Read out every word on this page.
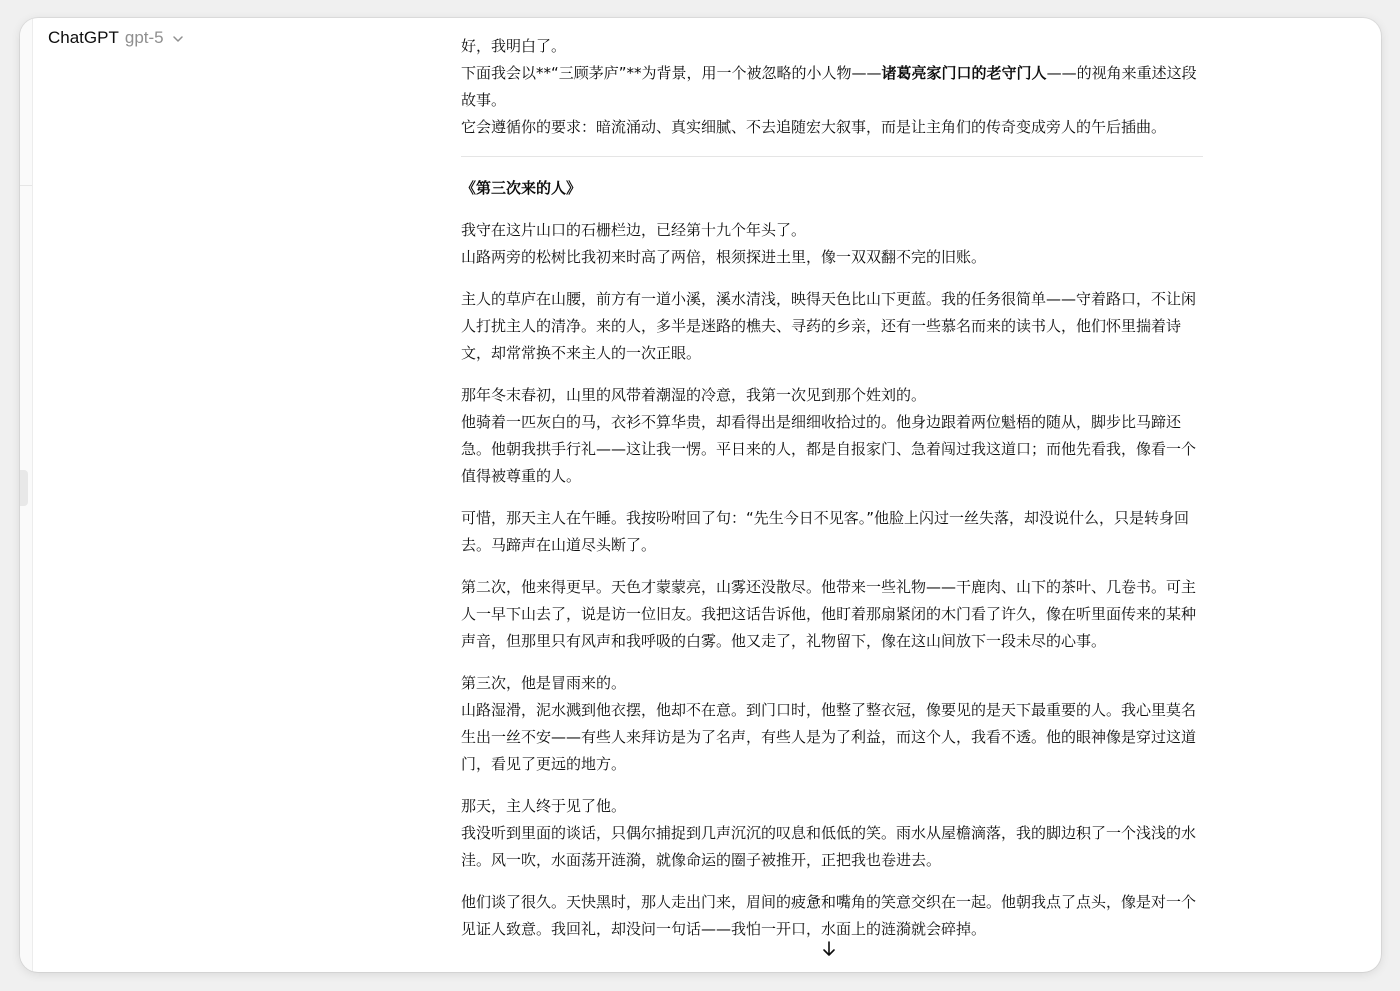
ChatGPT gpt-5	好，我明白了。
下面我会以**“三顾茅庐”**为背景，用一个被忽略的小人物——诸葛亮家门口的老守门人——的视角来重述这段故事。
它会遵循你的要求：暗流涌动、真实细腻、不去追随宏大叙事，而是让主角们的传奇变成旁人的午后插曲。

《第三次来的人》

我守在这片山口的石栅栏边，已经第十九个年头了。
山路两旁的松树比我初来时高了两倍，根须探进土里，像一双双翻不完的旧账。

主人的草庐在山腰，前方有一道小溪，溪水清浅，映得天色比山下更蓝。我的任务很简单——守着路口，不让闲人打扰主人的清净。来的人，多半是迷路的樵夫、寻药的乡亲，还有一些慕名而来的读书人，他们怀里揣着诗文，却常常换不来主人的一次正眼。

那年冬末春初，山里的风带着潮湿的冷意，我第一次见到那个姓刘的。
他骑着一匹灰白的马，衣衫不算华贵，却看得出是细细收拾过的。他身边跟着两位魁梧的随从，脚步比马蹄还急。他朝我拱手行礼——这让我一愣。平日来的人，都是自报家门、急着闯过我这道口；而他先看我，像看一个值得被尊重的人。

可惜，那天主人在午睡。我按吩咐回了句：“先生今日不见客。”他脸上闪过一丝失落，却没说什么，只是转身回去。马蹄声在山道尽头断了。

第二次，他来得更早。天色才蒙蒙亮，山雾还没散尽。他带来一些礼物——干鹿肉、山下的茶叶、几卷书。可主人一早下山去了，说是访一位旧友。我把这话告诉他，他盯着那扇紧闭的木门看了许久，像在听里面传来的某种声音，但那里只有风声和我呼吸的白雾。他又走了，礼物留下，像在这山间放下一段未尽的心事。

第三次，他是冒雨来的。
山路湿滑，泥水溅到他衣摆，他却不在意。到门口时，他整了整衣冠，像要见的是天下最重要的人。我心里莫名生出一丝不安——有些人来拜访是为了名声，有些人是为了利益，而这个人，我看不透。他的眼神像是穿过这道门，看见了更远的地方。

那天，主人终于见了他。
我没听到里面的谈话，只偶尔捕捉到几声沉沉的叹息和低低的笑。雨水从屋檐滴落，我的脚边积了一个浅浅的水洼。风一吹，水面荡开涟漪，就像命运的圈子被推开，正把我也卷进去。

他们谈了很久。天快黑时，那人走出门来，眉间的疲惫和嘴角的笑意交织在一起。他朝我点了点头，像是对一个见证人致意。我回礼，却没问一句话——我怕一开口，水面上的涟漪就会碎掉。
